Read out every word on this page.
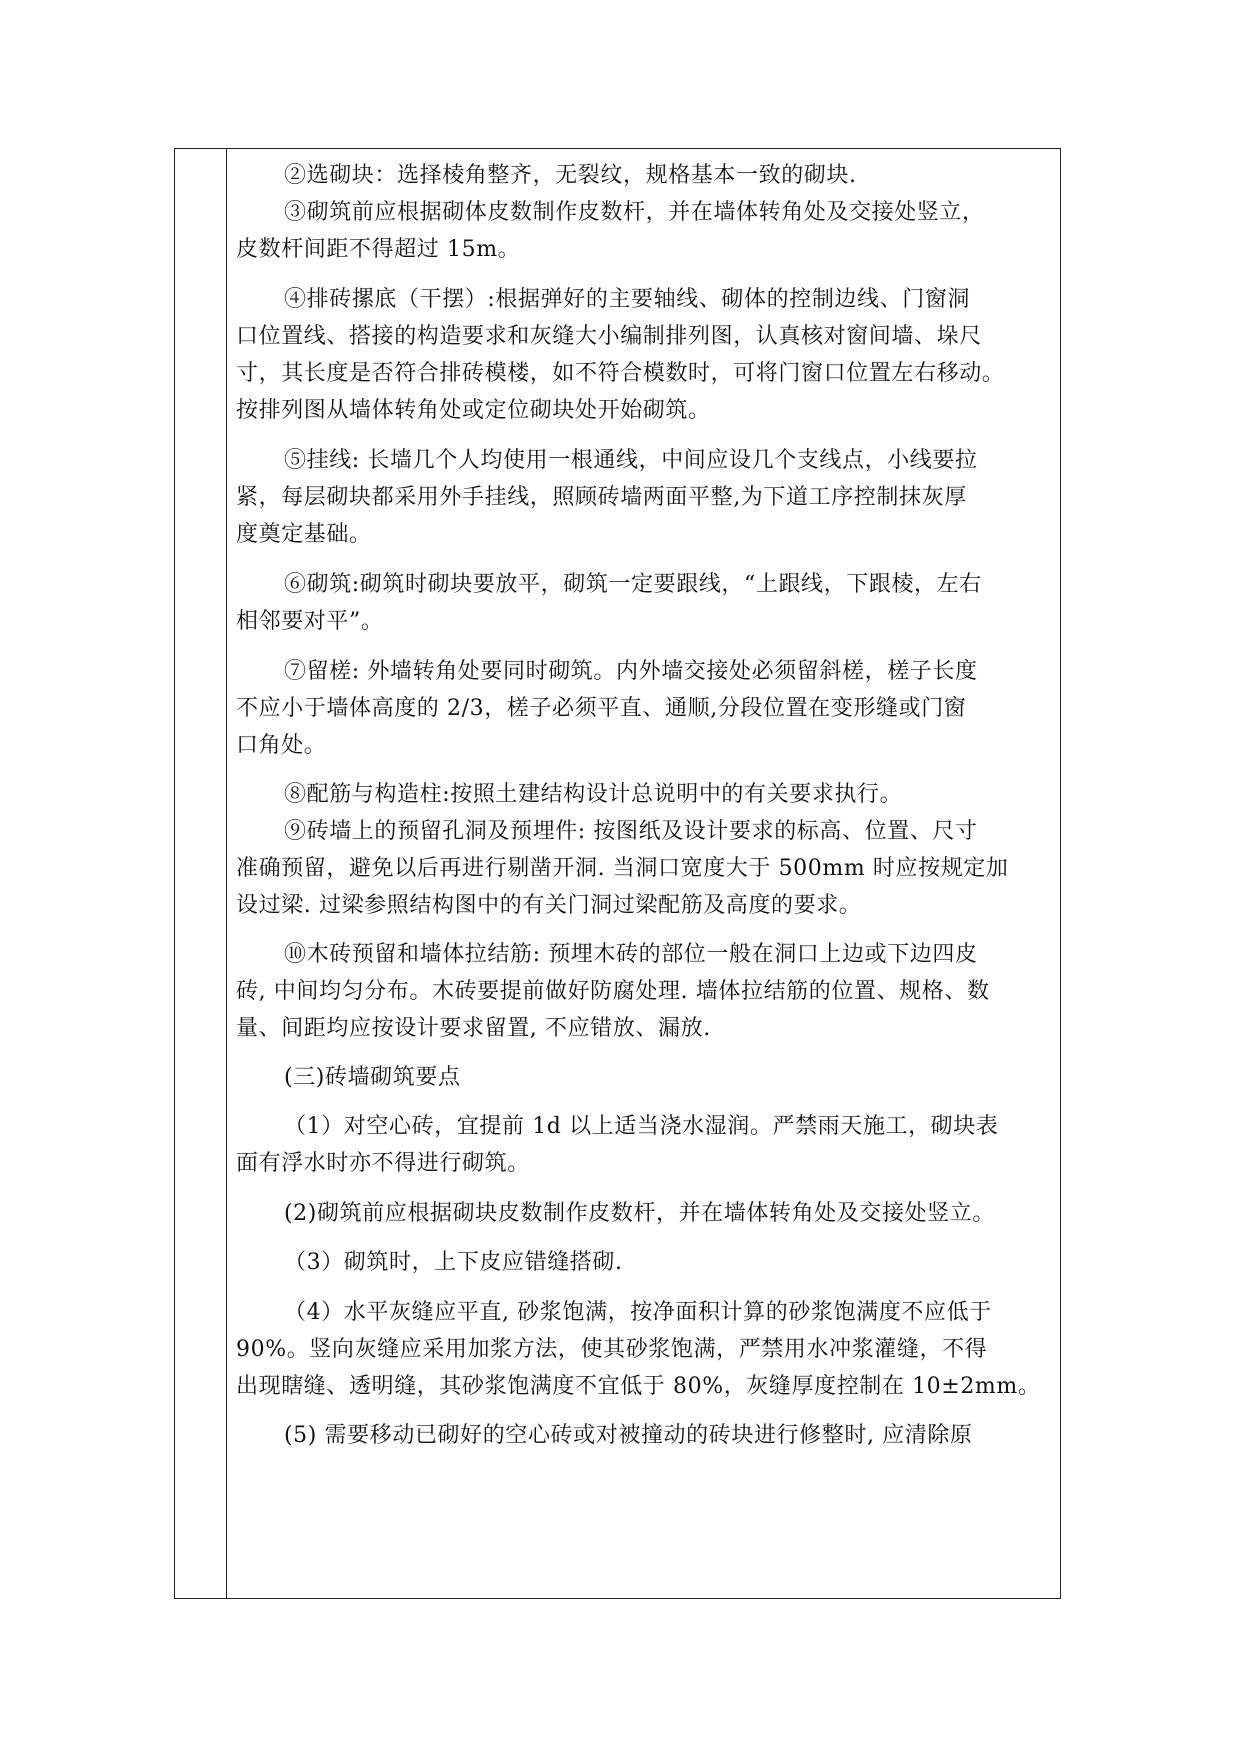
②选砌块：选择棱角整齐，无裂纹，规格基本一致的砌块.
③砌筑前应根据砌体皮数制作皮数杆，并在墙体转角处及交接处竖立，
皮数杆间距不得超过 15m。
④排砖摞底（干摆）:根据弹好的主要轴线、砌体的控制边线、门窗洞
口位置线、搭接的构造要求和灰缝大小编制排列图，认真核对窗间墙、垛尺
寸，其长度是否符合排砖模楼，如不符合模数时，可将门窗口位置左右移动。
按排列图从墙体转角处或定位砌块处开始砌筑。
⑤挂线: 长墙几个人均使用一根通线，中间应设几个支线点，小线要拉
紧，每层砌块都采用外手挂线，照顾砖墙两面平整,为下道工序控制抹灰厚
度奠定基础。
⑥砌筑:砌筑时砌块要放平，砌筑一定要跟线，“上跟线，下跟棱，左右
相邻要对平”。
⑦留槎: 外墙转角处要同时砌筑。内外墙交接处必须留斜槎，槎子长度
不应小于墙体高度的 2/3，槎子必须平直、通顺,分段位置在变形缝或门窗
口角处。
⑧配筋与构造柱:按照土建结构设计总说明中的有关要求执行。
⑨砖墙上的预留孔洞及预埋件: 按图纸及设计要求的标高、位置、尺寸
准确预留，避免以后再进行剔凿开洞. 当洞口宽度大于 500mm 时应按规定加
设过梁. 过梁参照结构图中的有关门洞过梁配筋及高度的要求。
⑩木砖预留和墙体拉结筋: 预埋木砖的部位一般在洞口上边或下边四皮
砖, 中间均匀分布。木砖要提前做好防腐处理. 墙体拉结筋的位置、规格、数
量、间距均应按设计要求留置, 不应错放、漏放.
(三)砖墙砌筑要点
（1）对空心砖，宜提前 1d 以上适当浇水湿润。严禁雨天施工，砌块表
面有浮水时亦不得进行砌筑。
(2)砌筑前应根据砌块皮数制作皮数杆，并在墙体转角处及交接处竖立。
（3）砌筑时，上下皮应错缝搭砌.
（4）水平灰缝应平直, 砂浆饱满，按净面积计算的砂浆饱满度不应低于
90%。竖向灰缝应采用加浆方法，使其砂浆饱满，严禁用水冲浆灌缝，不得
出现瞎缝、透明缝，其砂浆饱满度不宜低于 80%，灰缝厚度控制在 10±2mm。
(5) 需要移动已砌好的空心砖或对被撞动的砖块进行修整时, 应清除原
